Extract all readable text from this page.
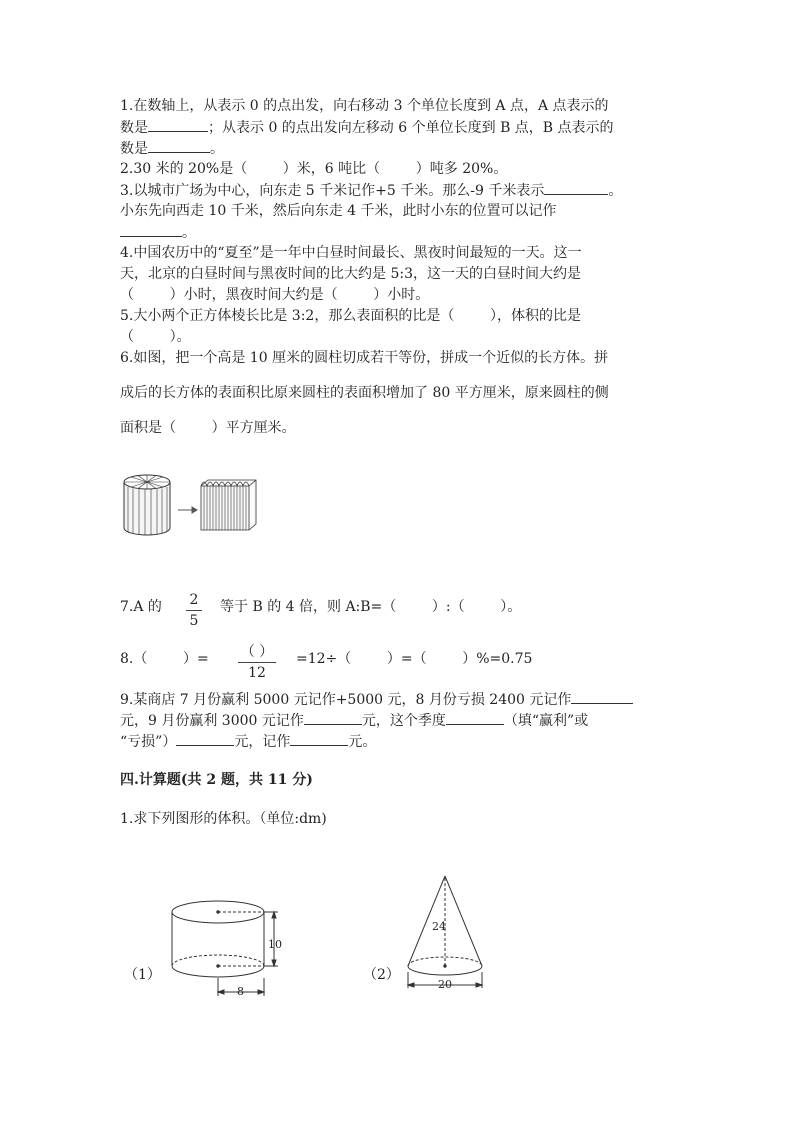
1.在数轴上，从表示 0 的点出发，向右移动 3 个单位长度到 A 点，A 点表示的
数是	；从表示 0 的点出发向左移动 6 个单位长度到 B 点，B 点表示的
数是	。
2.30 米的 20%是（        ）米，6 吨比（        ）吨多 20%。
3.以城市广场为中心，向东走 5 千米记作+5 千米。那么-9 千米表示	。
小东先向西走 10 千米，然后向东走 4 千米，此时小东的位置可以记作
。
4.中国农历中的“夏至”是一年中白昼时间最长、黑夜时间最短的一天。这一
天，北京的白昼时间与黑夜时间的比大约是 5:3，这一天的白昼时间大约是
（        ）小时，黑夜时间大约是（        ）小时。
5.大小两个正方体棱长比是 3:2，那么表面积的比是（        ），体积的比是
（        ）。
6.如图，把一个高是 10 厘米的圆柱切成若干等份，拼成一个近似的长方体。拼
成后的长方体的表面积比原来圆柱的表面积增加了 80 平方厘米，原来圆柱的侧
面积是（        ）平方厘米。
7.A 的 2
5
等于 B 的 4 倍，则 A:B=（        ）:（        ）。
8.（        ）= （ ）
12
=12÷（        ）=（        ）%=0.75
9.某商店 7 月份赢利 5000 元记作+5000 元，8 月份亏损 2400 元记作
元，9 月份赢利 3000 元记作	元，这个季度	（填“赢利”或
“亏损”）	元，记作	元。
四.计算题(共 2 题，共 11 分)
1.求下列图形的体积。（单位:dm)
（1）
10
8
（2）
24
20
